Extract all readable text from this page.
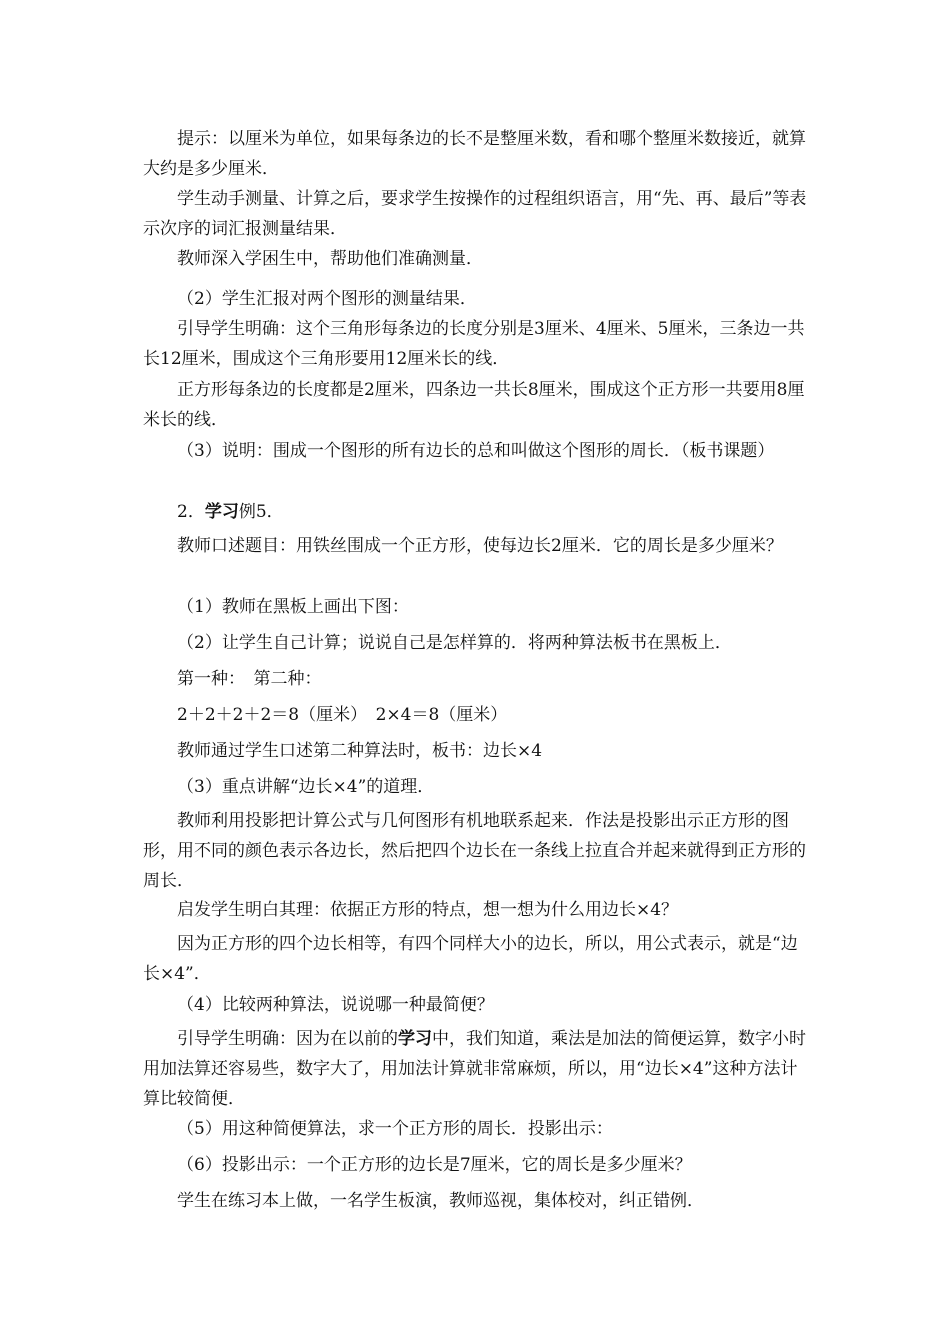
提示：以厘米为单位，如果每条边的长不是整厘米数，看和哪个整厘米数接近，就算大约是多少厘米．

学生动手测量、计算之后，要求学生按操作的过程组织语言，用“先、再、最后”等表示次序的词汇报测量结果．

教师深入学困生中，帮助他们准确测量．

（2）学生汇报对两个图形的测量结果．

引导学生明确：这个三角形每条边的长度分别是3厘米、4厘米、5厘米，三条边一共长12厘米，围成这个三角形要用12厘米长的线．

正方形每条边的长度都是2厘米，四条边一共长8厘米，围成这个正方形一共要用8厘米长的线．

（3）说明：围成一个图形的所有边长的总和叫做这个图形的周长．（板书课题）

2．学习例5．

教师口述题目：用铁丝围成一个正方形，使每边长2厘米．它的周长是多少厘米？

（1）教师在黑板上画出下图：

（2）让学生自己计算；说说自己是怎样算的．将两种算法板书在黑板上．

第一种：　第二种：

2＋2＋2＋2＝8（厘米）　2×4＝8（厘米）

教师通过学生口述第二种算法时，板书：边长×4

（3）重点讲解“边长×4”的道理．

教师利用投影把计算公式与几何图形有机地联系起来．作法是投影出示正方形的图形，用不同的颜色表示各边长，然后把四个边长在一条线上拉直合并起来就得到正方形的周长．

启发学生明白其理：依据正方形的特点，想一想为什么用边长×4？

因为正方形的四个边长相等，有四个同样大小的边长，所以，用公式表示，就是“边长×4”．

（4）比较两种算法，说说哪一种最简便？

引导学生明确：因为在以前的学习中，我们知道，乘法是加法的简便运算，数字小时用加法算还容易些，数字大了，用加法计算就非常麻烦，所以，用“边长×4”这种方法计算比较简便．

（5）用这种简便算法，求一个正方形的周长．投影出示：

（6）投影出示：一个正方形的边长是7厘米，它的周长是多少厘米？

学生在练习本上做，一名学生板演，教师巡视，集体校对，纠正错例．
